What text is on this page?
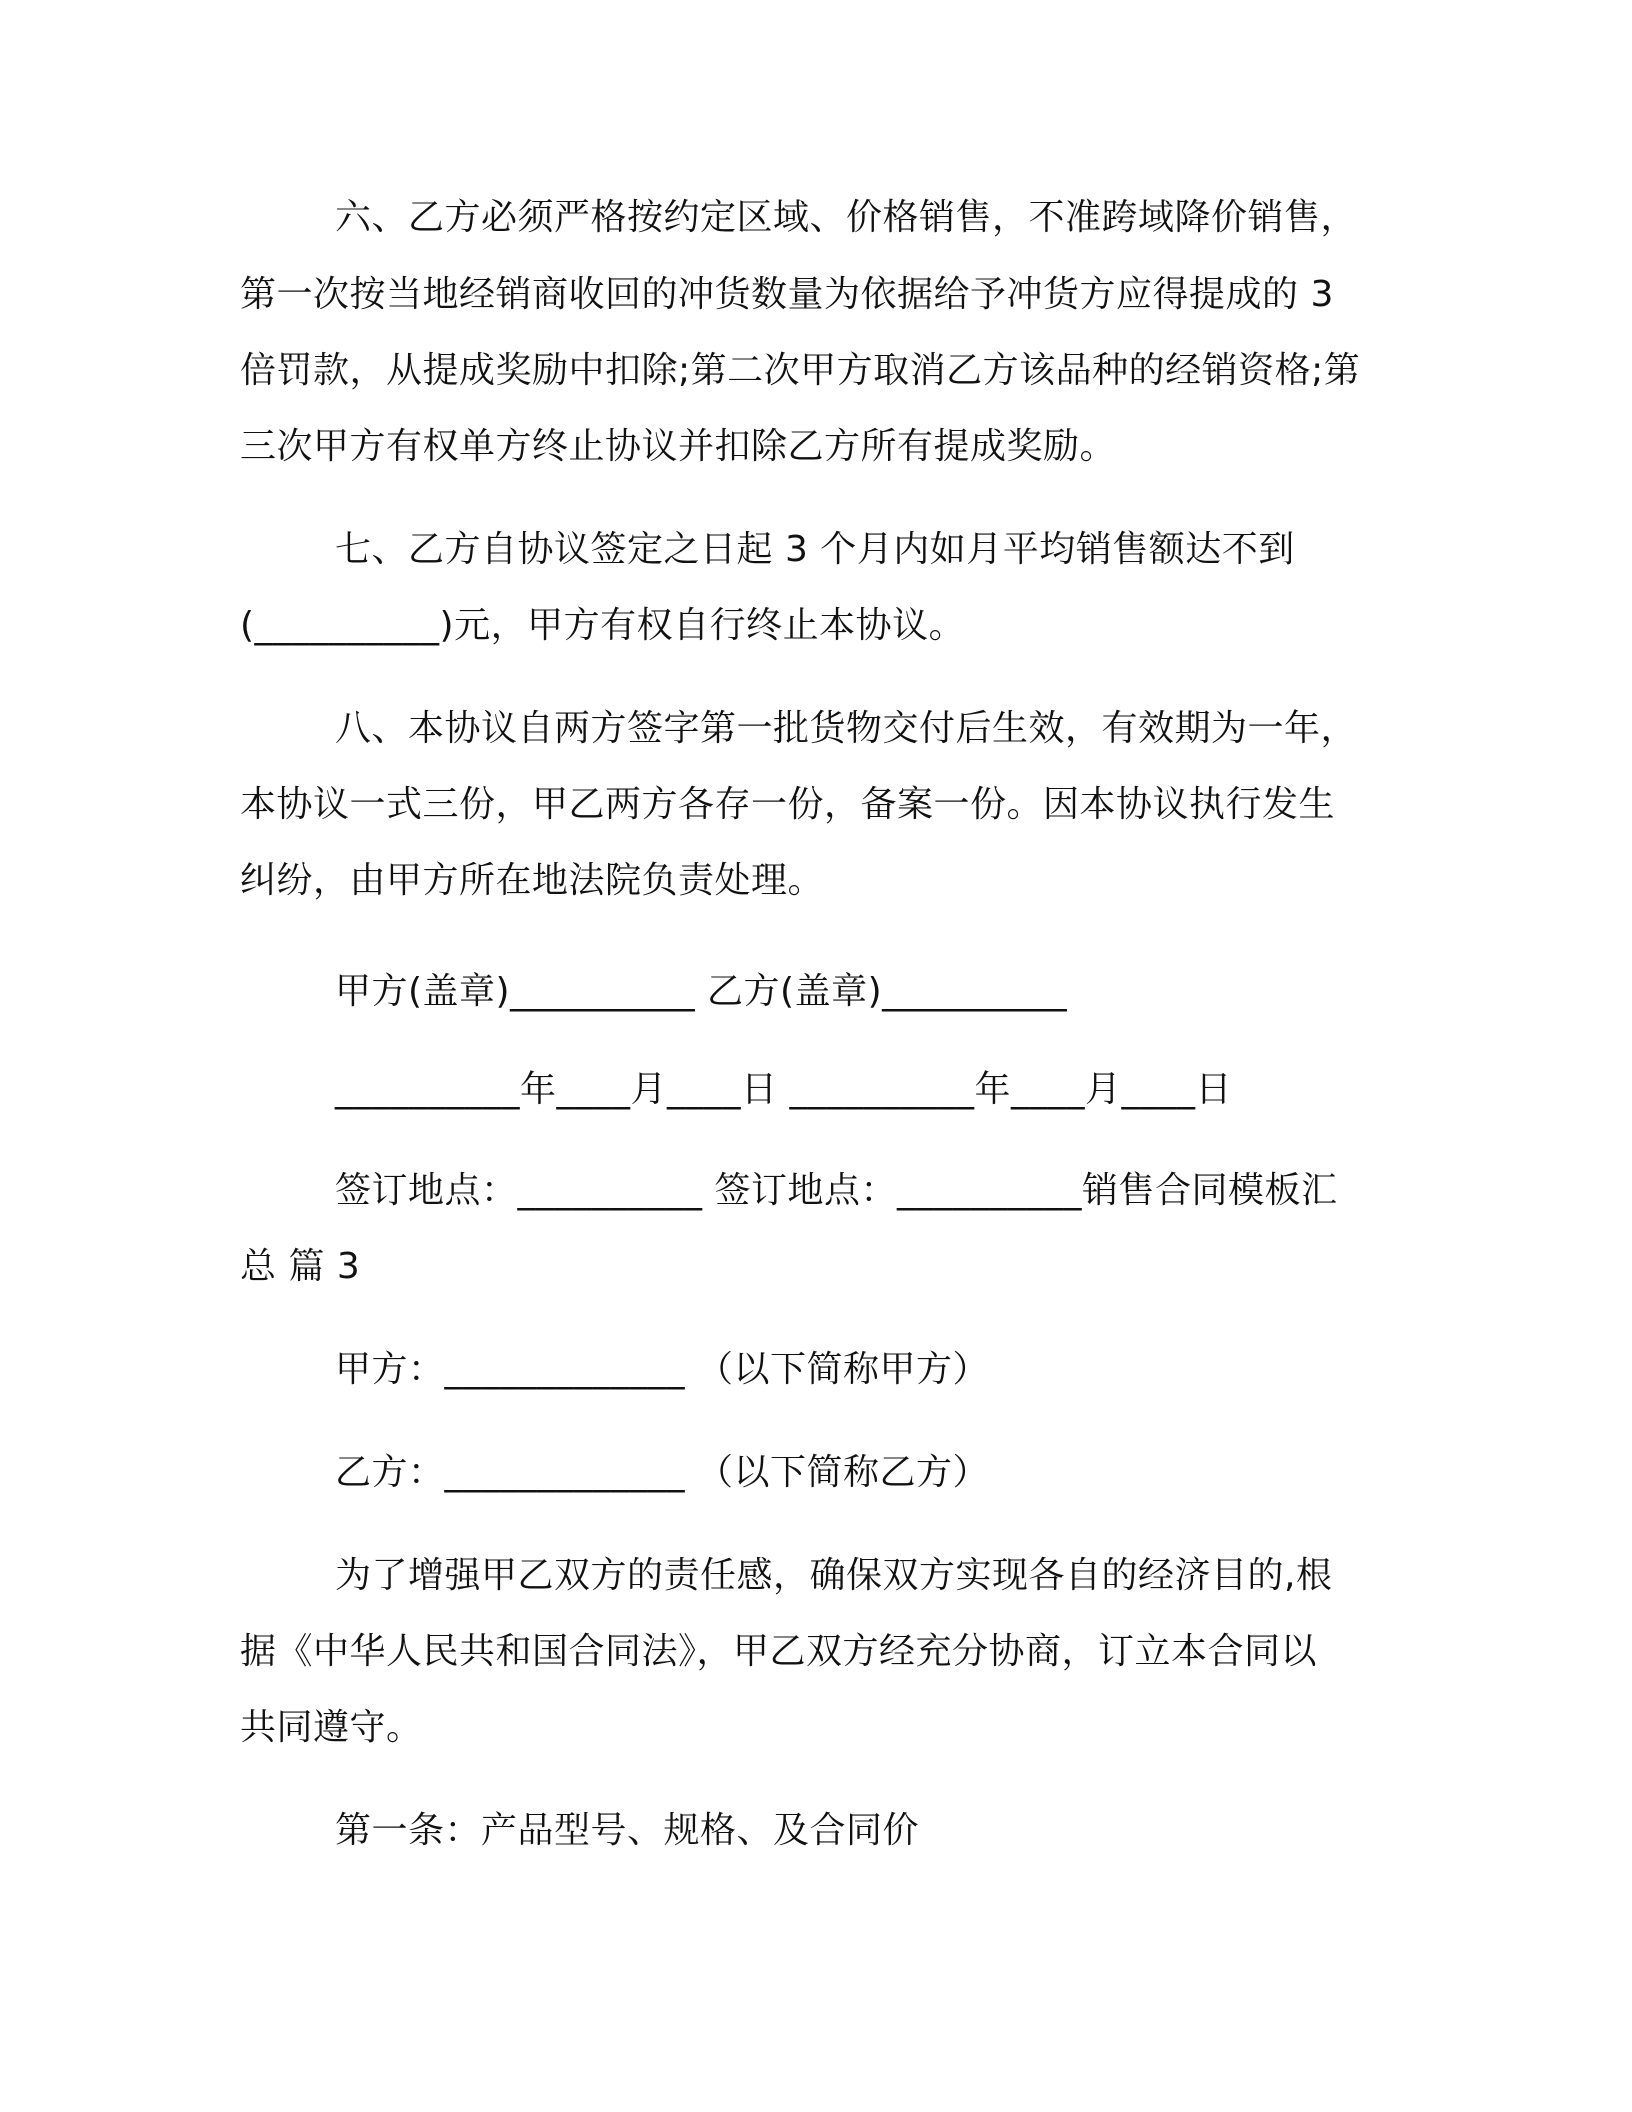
六、乙方必须严格按约定区域、价格销售，不准跨域降价销售，
第一次按当地经销商收回的冲货数量为依据给予冲货方应得提成的 3
倍罚款，从提成奖励中扣除;第二次甲方取消乙方该品种的经销资格;第
三次甲方有权单方终止协议并扣除乙方所有提成奖励。
七、乙方自协议签定之日起 3 个月内如月平均销售额达不到
(__________)元，甲方有权自行终止本协议。
八、本协议自两方签字第一批货物交付后生效，有效期为一年，
本协议一式三份，甲乙两方各存一份，备案一份。因本协议执行发生
纠纷，由甲方所在地法院负责处理。
甲方(盖章)__________ 乙方(盖章)__________
__________年____月____日 __________年____月____日
签订地点：__________ 签订地点：__________销售合同模板汇
总 篇 3
甲方：_____________ （以下简称甲方）
乙方：_____________ （以下简称乙方）
为了增强甲乙双方的责任感，确保双方实现各自的经济目的,根
据《中华人民共和国合同法》，甲乙双方经充分协商，订立本合同以
共同遵守。
第一条：产品型号、规格、及合同价
